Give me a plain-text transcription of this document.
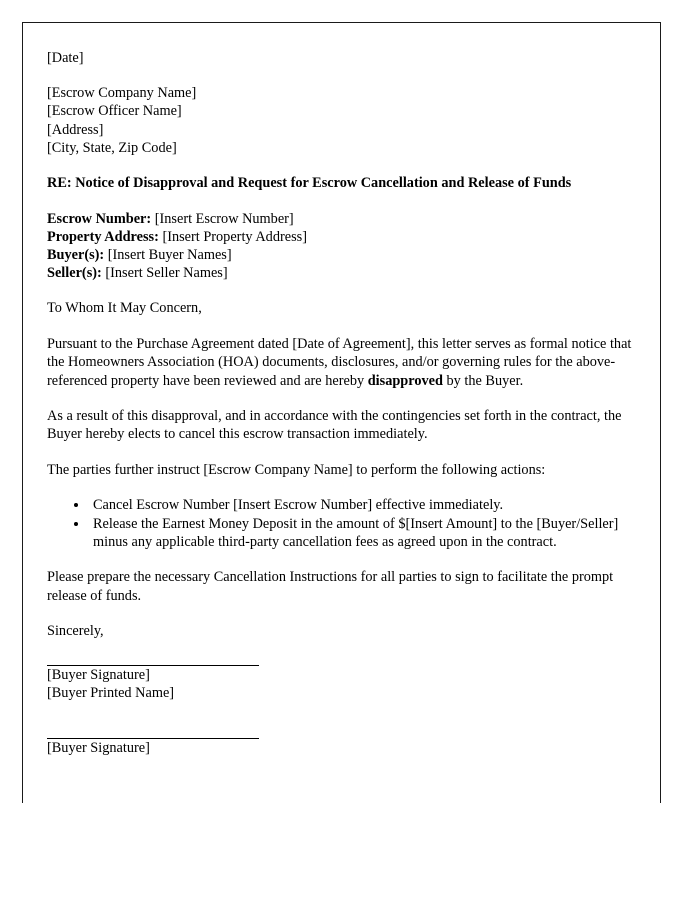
[Date]
[Escrow Company Name]
[Escrow Officer Name]
[Address]
[City, State, Zip Code]

RE: Notice of Disapproval and Request for Escrow Cancellation and Release of Funds

Escrow Number: [Insert Escrow Number]
Property Address: [Insert Property Address]
Buyer(s): [Insert Buyer Names]
Seller(s): [Insert Seller Names]

To Whom It May Concern,

Pursuant to the Purchase Agreement dated [Date of Agreement], this letter serves as formal notice that the Homeowners Association (HOA) documents, disclosures, and/or governing rules for the above-referenced property have been reviewed and are hereby disapproved by the Buyer.

As a result of this disapproval, and in accordance with the contingencies set forth in the contract, the Buyer hereby elects to cancel this escrow transaction immediately.

The parties further instruct [Escrow Company Name] to perform the following actions:

• Cancel Escrow Number [Insert Escrow Number] effective immediately.
• Release the Earnest Money Deposit in the amount of $[Insert Amount] to the [Buyer/Seller] minus any applicable third-party cancellation fees as agreed upon in the contract.

Please prepare the necessary Cancellation Instructions for all parties to sign to facilitate the prompt release of funds.

Sincerely,

[Buyer Signature]
[Buyer Printed Name]
[Buyer Signature]
